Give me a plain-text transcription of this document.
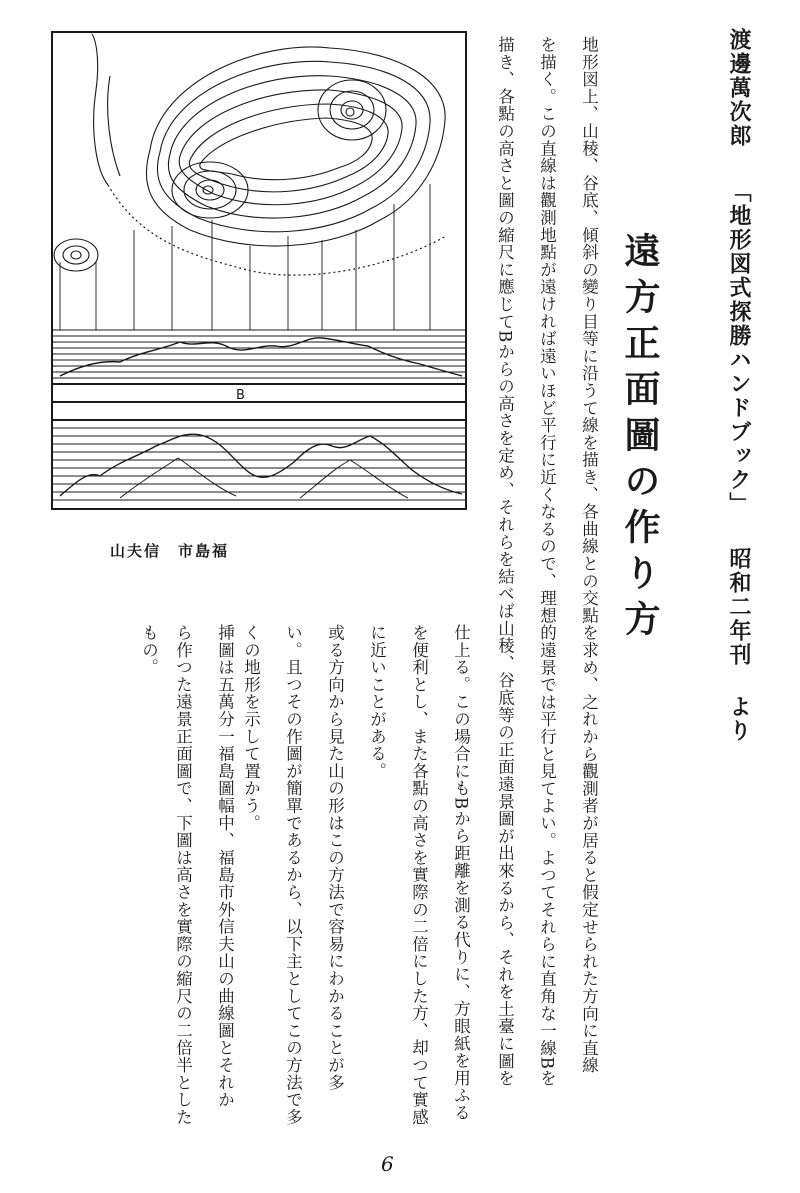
B
山夫信　市島福
渡邊萬次郎 「地形図式探勝ハンドブック」 昭和二年刊 より
遠方正面圖の作り方
地形図上、山稜、谷底、傾斜の變り目等に沿うて線を描き、各曲線との交點を求め、之れから觀測者が居ると假定せられた方向に直線
を描く。この直線は觀測地點が遠ければ遠いほど平行に近くなるので、理想的遠景では平行と見てよい。よつてそれらに直角な一線Bを
描き、各點の高さと圖の縮尺に應じてBからの高さを定め、それらを結べば山稜、谷底等の正面遠景圖が出來るから、それを土臺に圖を
仕上る。この場合にもBから距離を測る代りに、方眼紙を用ふる
を便利とし、また各點の高さを實際の二倍にした方、却つて實感
に近いことがある。
或る方向から見た山の形はこの方法で容易にわかることが多
い。且つその作圖が簡單であるから、以下主としてこの方法で多
くの地形を示して置かう。
挿圖は五萬分一福島圖幅中、福島市外信夫山の曲線圖とそれか
ら作つた遠景正面圖で、下圖は高さを實際の縮尺の二倍半とした
もの。
6
